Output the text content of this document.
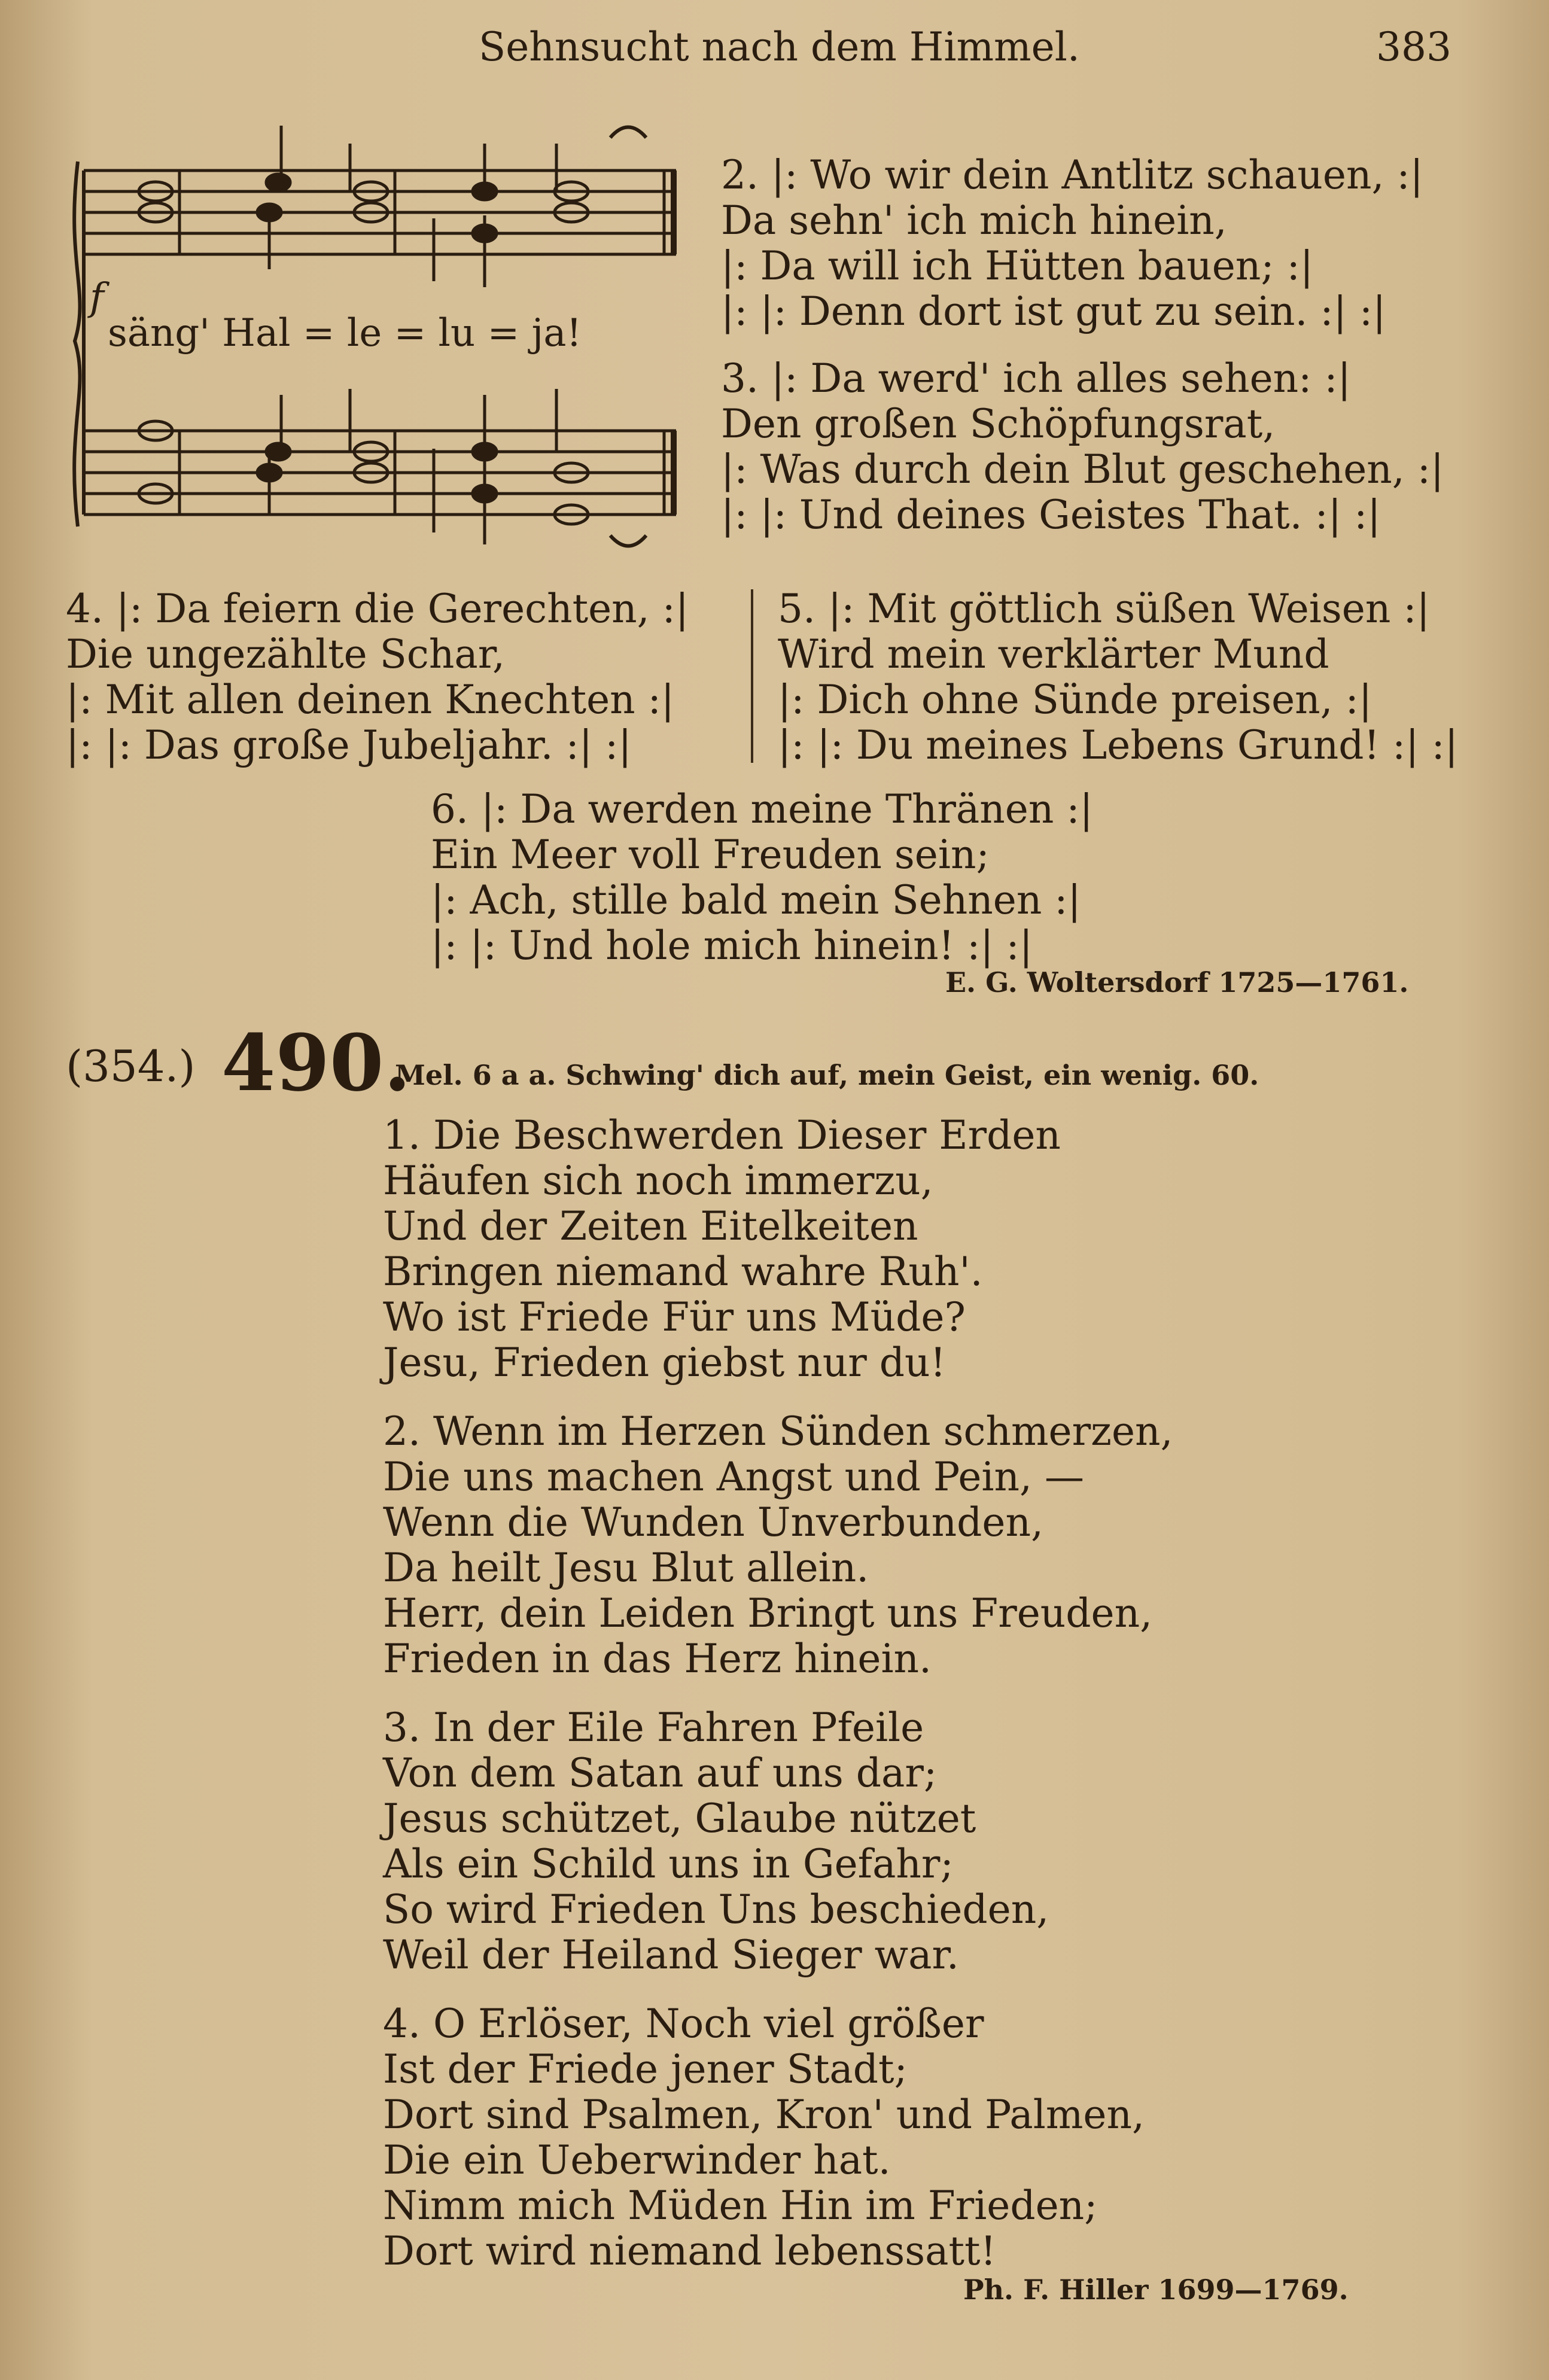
Sehnsucht nach dem Himmel.	383
f
säng' Hal = le = lu = ja!
2. |: Wo wir dein Antlitz schauen, :|
Da sehn' ich mich hinein,
|: Da will ich Hütten bauen; :|
|: |: Denn dort ist gut zu sein. :| :|
3. |: Da werd' ich alles sehen: :|
Den großen Schöpfungsrat,
|: Was durch dein Blut geschehen, :|
|: |: Und deines Geistes That. :| :|
4. |: Da feiern die Gerechten, :|
Die ungezählte Schar,
|: Mit allen deinen Knechten :|
|: |: Das große Jubeljahr. :| :|
5. |: Mit göttlich süßen Weisen :|
Wird mein verklärter Mund
|: Dich ohne Sünde preisen, :|
|: |: Du meines Lebens Grund! :| :|
6. |: Da werden meine Thränen :|
Ein Meer voll Freuden sein;
|: Ach, stille bald mein Sehnen :|
|: |: Und hole mich hinein! :| :|
E. G. Woltersdorf 1725—1761.
(354.) 490.
Mel. 6 a a. Schwing' dich auf, mein Geist, ein wenig. 60.
1. Die Beschwerden Dieser Erden
Häufen sich noch immerzu,
Und der Zeiten Eitelkeiten
Bringen niemand wahre Ruh'.
Wo ist Friede Für uns Müde?
Jesu, Frieden giebst nur du!
2. Wenn im Herzen Sünden schmerzen,
Die uns machen Angst und Pein, —
Wenn die Wunden Unverbunden,
Da heilt Jesu Blut allein.
Herr, dein Leiden Bringt uns Freuden,
Frieden in das Herz hinein.
3. In der Eile Fahren Pfeile
Von dem Satan auf uns dar;
Jesus schützet, Glaube nützet
Als ein Schild uns in Gefahr;
So wird Frieden Uns beschieden,
Weil der Heiland Sieger war.
4. O Erlöser, Noch viel größer
Ist der Friede jener Stadt;
Dort sind Psalmen, Kron' und Palmen,
Die ein Ueberwinder hat.
Nimm mich Müden Hin im Frieden;
Dort wird niemand lebenssatt!
Ph. F. Hiller 1699—1769.
